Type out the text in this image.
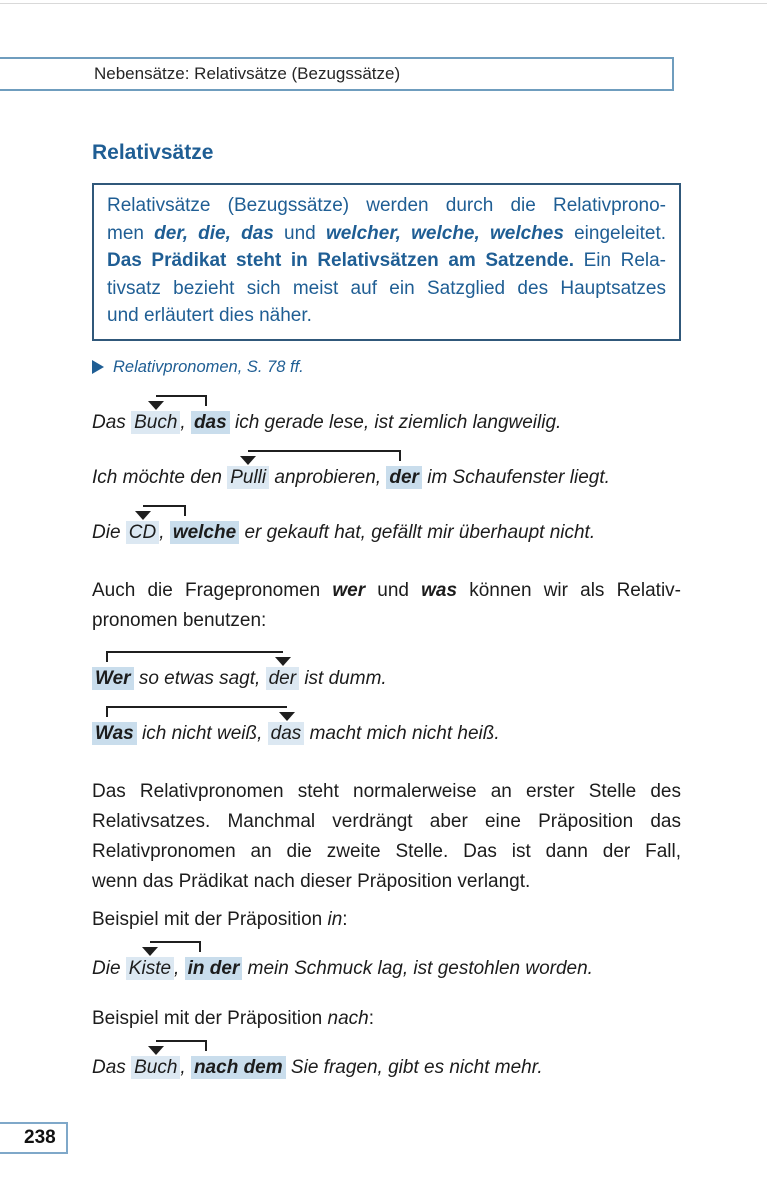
Nebensätze: Relativsätze (Bezugssätze)
Relativsätze
Relativsätze (Bezugssätze) werden durch die Relativprono-
men der, die, das und welcher, welche, welches eingeleitet.
Das Prädikat steht in Relativsätzen am Satzende. Ein Rela-
tivsatz bezieht sich meist auf ein Satzglied des Hauptsatzes
und erläutert dies näher.
Relativpronomen, S. 78 ff.
Das Buch , das ich gerade lese, ist ziemlich langweilig.
Ich möchte den Pulli anprobieren, der im Schaufenster liegt.
Die CD , welche er gekauft hat, gefällt mir überhaupt nicht.
Auch die Fragepronomen wer und was können wir als Relativ-
pronomen benutzen:
Wer so etwas sagt, der ist dumm.
Was ich nicht weiß, das macht mich nicht heiß.
Das Relativpronomen steht normalerweise an erster Stelle des
Relativsatzes. Manchmal verdrängt aber eine Präposition das
Relativpronomen an die zweite Stelle. Das ist dann der Fall,
wenn das Prädikat nach dieser Präposition verlangt.
Beispiel mit der Präposition in:
Die Kiste , in der mein Schmuck lag, ist gestohlen worden.
Beispiel mit der Präposition nach:
Das Buch , nach dem Sie fragen, gibt es nicht mehr.
238
